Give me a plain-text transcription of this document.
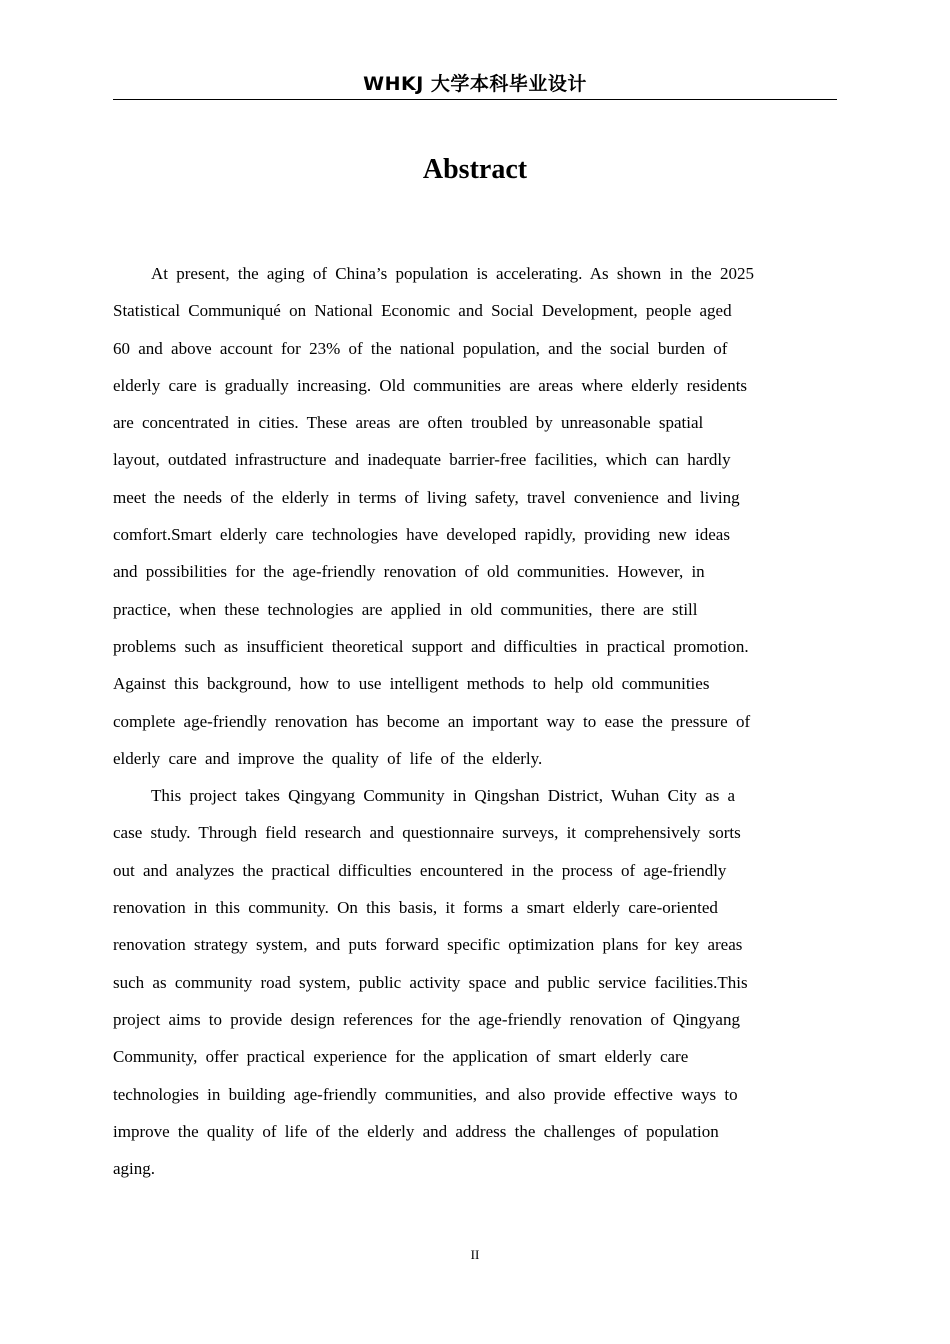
WHKJ 大学本科毕业设计
Abstract
At present, the aging of China’s population is accelerating. As shown in the 2025
Statistical Communiqué on National Economic and Social Development, people aged
60 and above account for 23% of the national population, and the social burden of
elderly care is gradually increasing. Old communities are areas where elderly residents
are concentrated in cities. These areas are often troubled by unreasonable spatial
layout, outdated infrastructure and inadequate barrier-free facilities, which can hardly
meet the needs of the elderly in terms of living safety, travel convenience and living
comfort.Smart elderly care technologies have developed rapidly, providing new ideas
and possibilities for the age-friendly renovation of old communities. However, in
practice, when these technologies are applied in old communities, there are still
problems such as insufficient theoretical support and difficulties in practical promotion.
Against this background, how to use intelligent methods to help old communities
complete age-friendly renovation has become an important way to ease the pressure of
elderly care and improve the quality of life of the elderly.
This project takes Qingyang Community in Qingshan District, Wuhan City as a
case study. Through field research and questionnaire surveys, it comprehensively sorts
out and analyzes the practical difficulties encountered in the process of age-friendly
renovation in this community. On this basis, it forms a smart elderly care-oriented
renovation strategy system, and puts forward specific optimization plans for key areas
such as community road system, public activity space and public service facilities.This
project aims to provide design references for the age-friendly renovation of Qingyang
Community, offer practical experience for the application of smart elderly care
technologies in building age-friendly communities, and also provide effective ways to
improve the quality of life of the elderly and address the challenges of population
aging.
II
